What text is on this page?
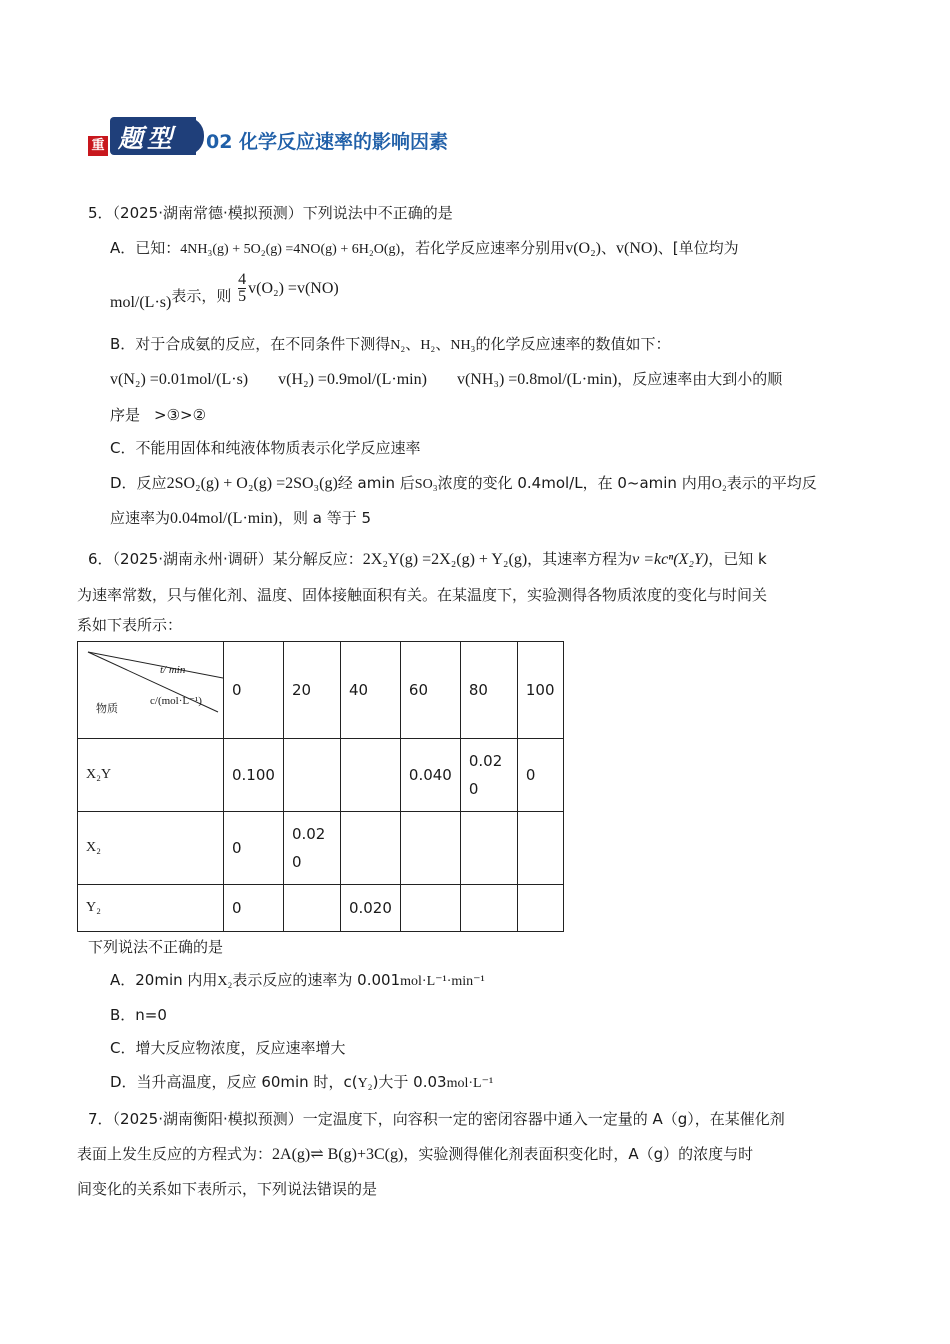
重 题型 02 化学反应速率的影响因素
5．（2025·湖南常德·模拟预测）下列说法中不正确的是
A．已知：4NH₃(g) + 5O₂(g) =4NO(g) + 6H₂O(g)，若化学反应速率分别用v(O₂)、v(NO)、[单位均为
mol/(L·s)表示，则 $\frac{4}{5} v(O_2) =v(NO)$
B．对于合成氨的反应，在不同条件下测得N₂、H₂、NH₃的化学反应速率的数值如下：
v(N₂) =0.01mol/(L·s) v(H₂) =0.9mol/(L·min) v(NH₃) =0.8mol/(L·min)，反应速率由大到小的顺
序是 >③>②
C．不能用固体和纯液体物质表示化学反应速率
D．反应2SO₂(g) + O₂(g) =2SO₃(g)经 amin 后SO₃浓度的变化 0.4mol/L，在 0~amin 内用O₂表示的平均反
应速率为0.04mol/(L·min)，则 a 等于 5
6．（2025·湖南永州·调研）某分解反应：2X₂Y(g) =2X₂(g) + Y₂(g)，其速率方程为v =kcⁿ(X₂Y)，已知 k
为速率常数，只与催化剂、温度、固体接触面积有关。在某温度下，实验测得各物质浓度的变化与时间关
系如下表所示：
t/ min
c/(mol·L⁻¹)
物质	0	20	40	60	80	100
X₂Y	0.100			0.040	0.020	0
X₂	0	0.020				
Y₂	0		0.020			
下列说法不正确的是
A．20min 内用X₂表示反应的速率为 0.001mol·L⁻¹·min⁻¹
B．n=0
C．增大反应物浓度，反应速率增大
D．当升高温度，反应 60min 时，c(Y₂)大于 0.03mol·L⁻¹
7．（2025·湖南衡阳·模拟预测）一定温度下，向容积一定的密闭容器中通入一定量的 A（g），在某催化剂
表面上发生反应的方程式为：2A(g)⇌ B(g)+3C(g)，实验测得催化剂表面积变化时，A（g）的浓度与时
间变化的关系如下表所示，下列说法错误的是
